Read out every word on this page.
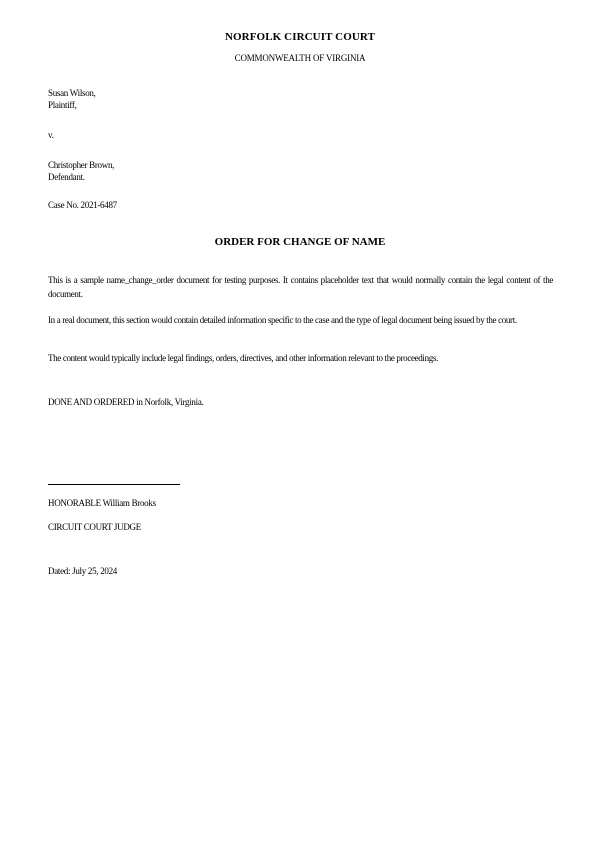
NORFOLK CIRCUIT COURT
COMMONWEALTH OF VIRGINIA
Susan Wilson,
Plaintiff,
v.
Christopher Brown,
Defendant.
Case No. 2021-6487
ORDER FOR CHANGE OF NAME

This is a sample name_change_order document for testing purposes. It contains placeholder text that would normally contain the legal content of the document.

In a real document, this section would contain detailed information specific to the case and the type of legal document being issued by the court.

The content would typically include legal findings, orders, directives, and other information relevant to the proceedings.

DONE AND ORDERED in Norfolk, Virginia.
HONORABLE William Brooks
CIRCUIT COURT JUDGE
Dated: July 25, 2024
